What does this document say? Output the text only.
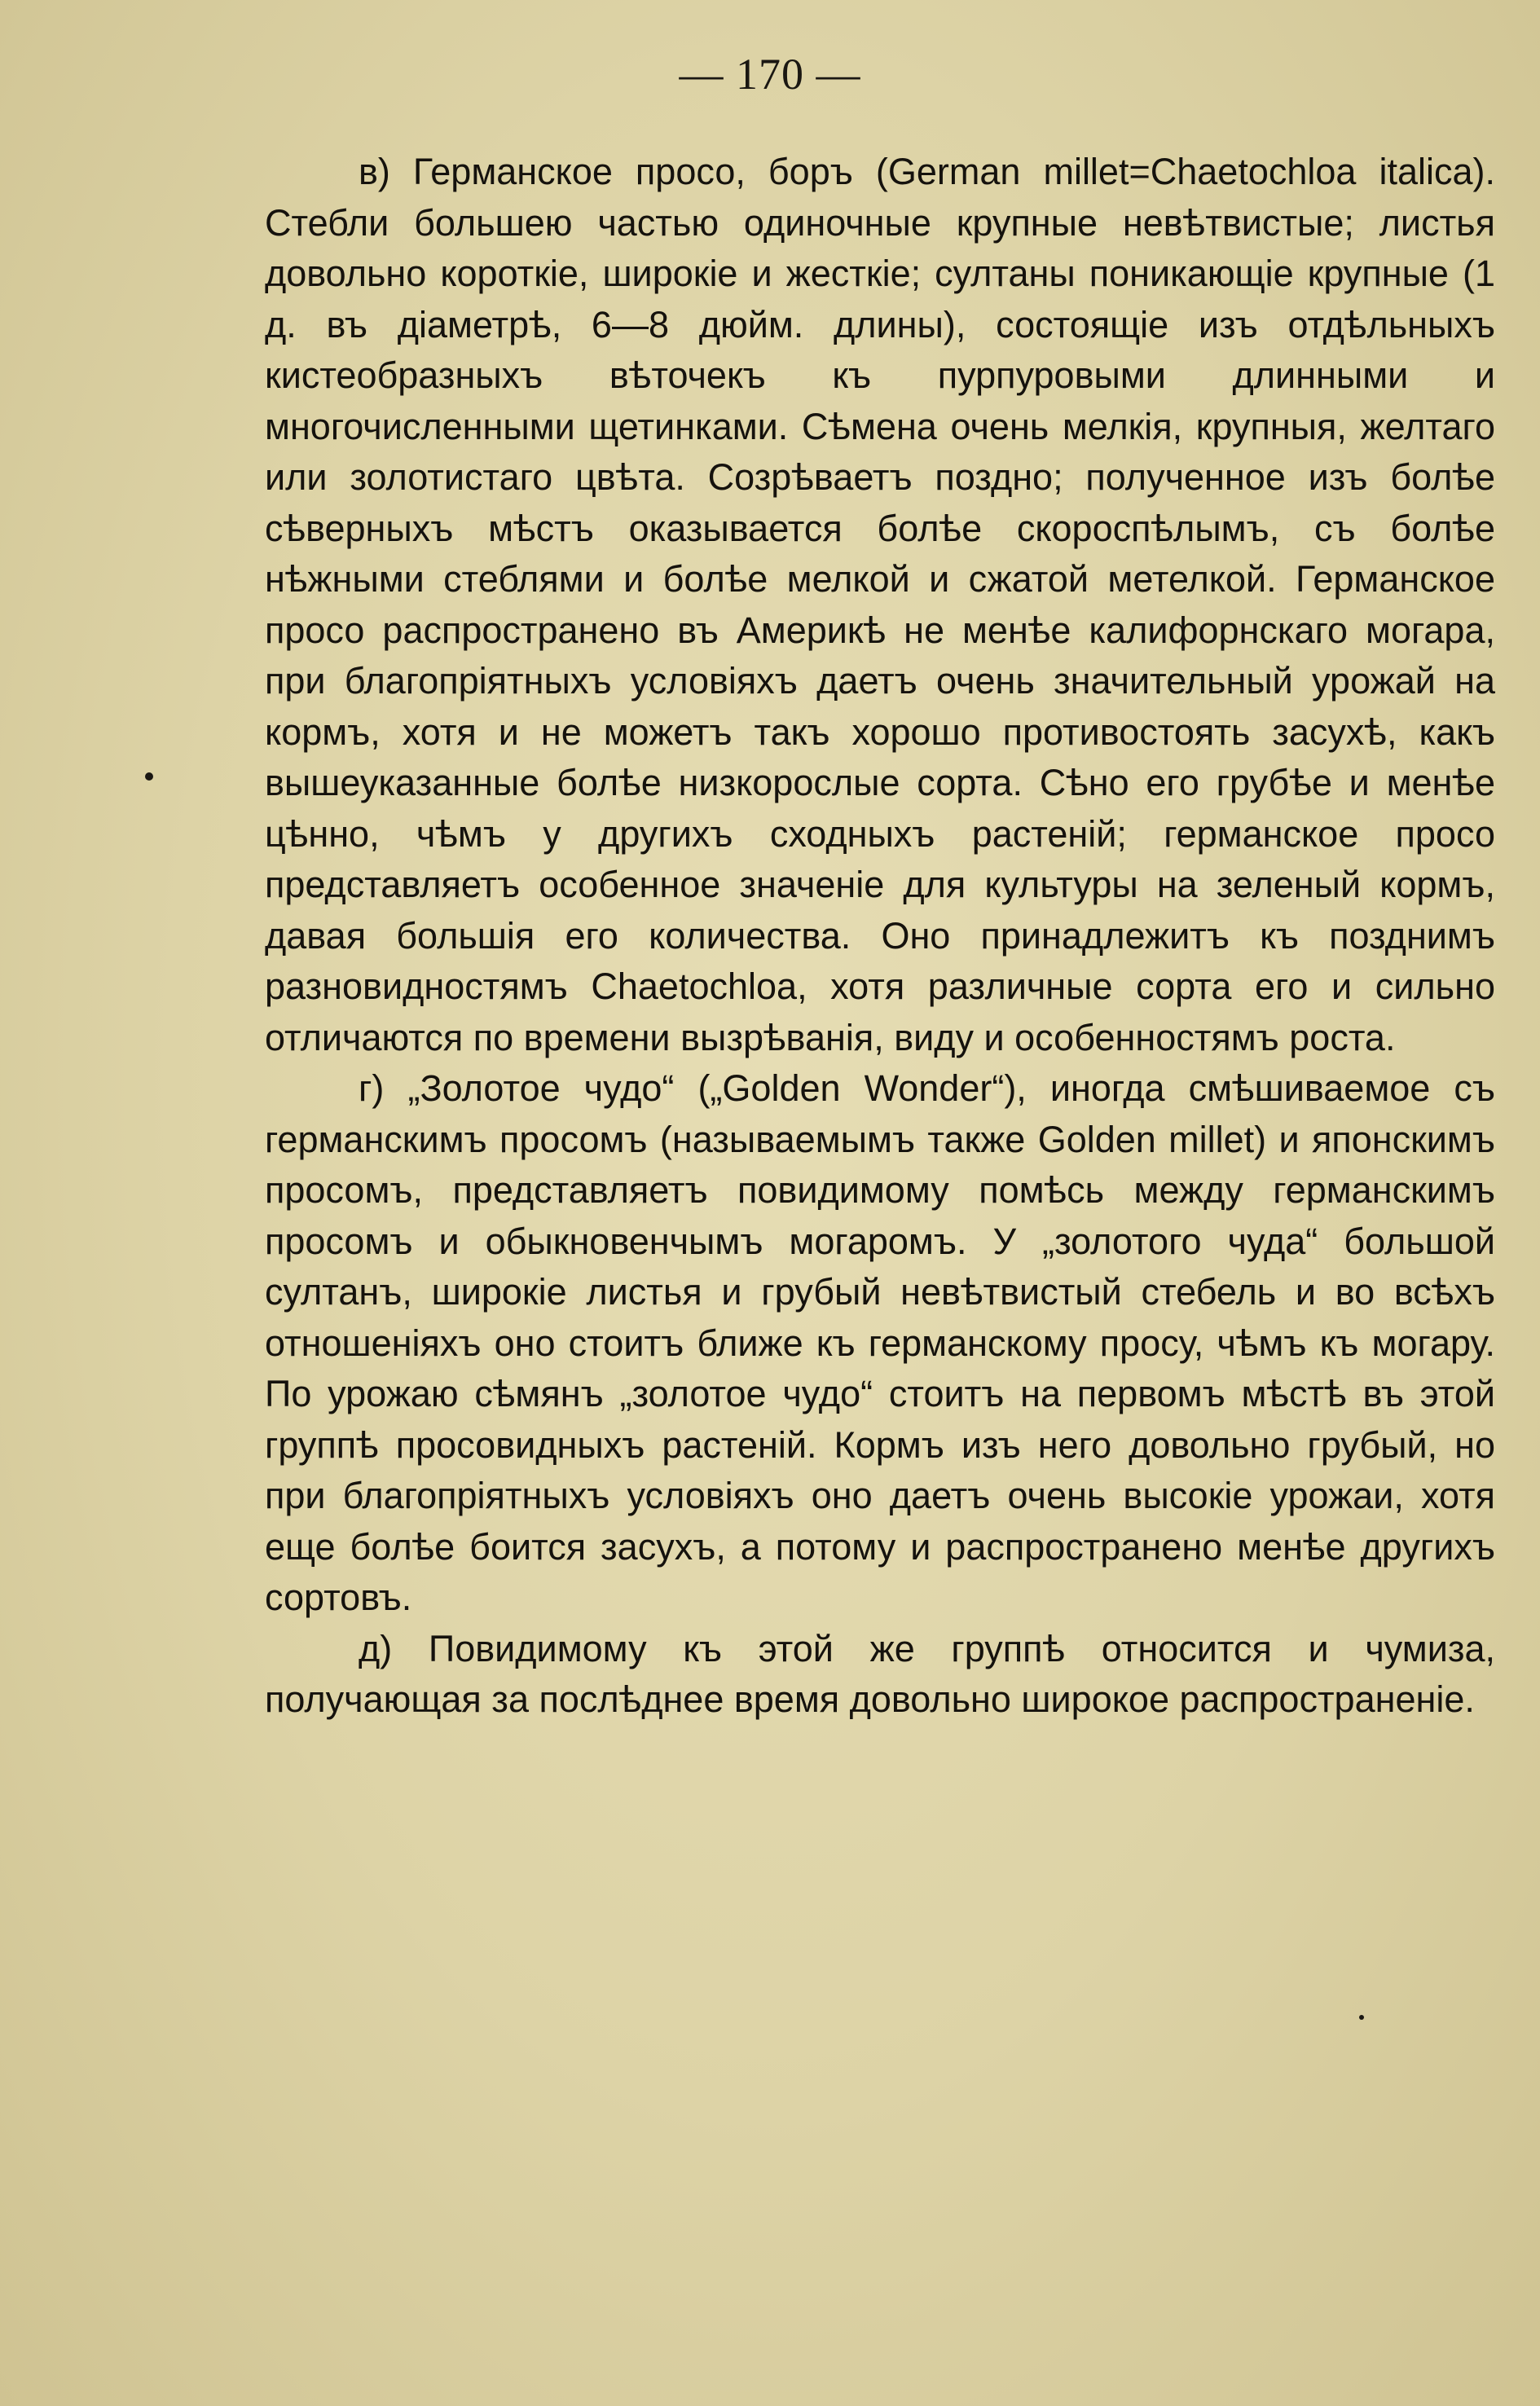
— 170 —

в) Германское просо, боръ (German millet=Chaetochloa italica). Стебли большею частью одиночные крупные невѣтвистые; листья довольно короткіе, широкіе и жесткіе; султаны поникающіе крупные (1 д. въ діаметрѣ, 6—8 дюйм. длины), состоящіе изъ отдѣльныхъ кистеобразныхъ вѣточекъ къ пурпуровыми длинными и многочисленными щетинками. Сѣмена очень мелкія, крупныя, желтаго или золотистаго цвѣта. Созрѣваетъ поздно; полученное изъ болѣе сѣверныхъ мѣстъ оказывается болѣе скороспѣлымъ, съ болѣе нѣжными стеблями и болѣе мелкой и сжатой метелкой. Германское просо распространено въ Америкѣ не менѣе калифорнскаго могара, при благопріятныхъ условіяхъ даетъ очень значительный урожай на кормъ, хотя и не можетъ такъ хорошо противостоять засухѣ, какъ вышеуказанные болѣе низкорослые сорта. Сѣно его грубѣе и менѣе цѣнно, чѣмъ у другихъ сходныхъ растеній; германское просо представляетъ особенное значеніе для культуры на зеленый кормъ, давая большія его количества. Оно принадлежитъ къ позднимъ разновидностямъ Chaetochloa, хотя различные сорта его и сильно отличаются по времени вызрѣванія, виду и особенностямъ роста.

г) „Золотое чудо“ („Golden Wonder“), иногда смѣшиваемое съ германскимъ просомъ (называемымъ также Golden millet) и японскимъ просомъ, представляетъ повидимому помѣсь между германскимъ просомъ и обыкновенчымъ могаромъ. У „золотого чуда“ большой султанъ, широкіе листья и грубый невѣтвистый стебель и во всѣхъ отношеніяхъ оно стоитъ ближе къ германскому просу, чѣмъ къ могару. По урожаю сѣмянъ „золотое чудо“ стоитъ на первомъ мѣстѣ въ этой группѣ просовидныхъ растеній. Кормъ изъ него довольно грубый, но при благопріятныхъ условіяхъ оно даетъ очень высокіе урожаи, хотя еще болѣе боится засухъ, а потому и распространено менѣе другихъ сортовъ.

д) Повидимому къ этой же группѣ относится и чумиза, получающая за послѣднее время довольно широкое распространеніе.
